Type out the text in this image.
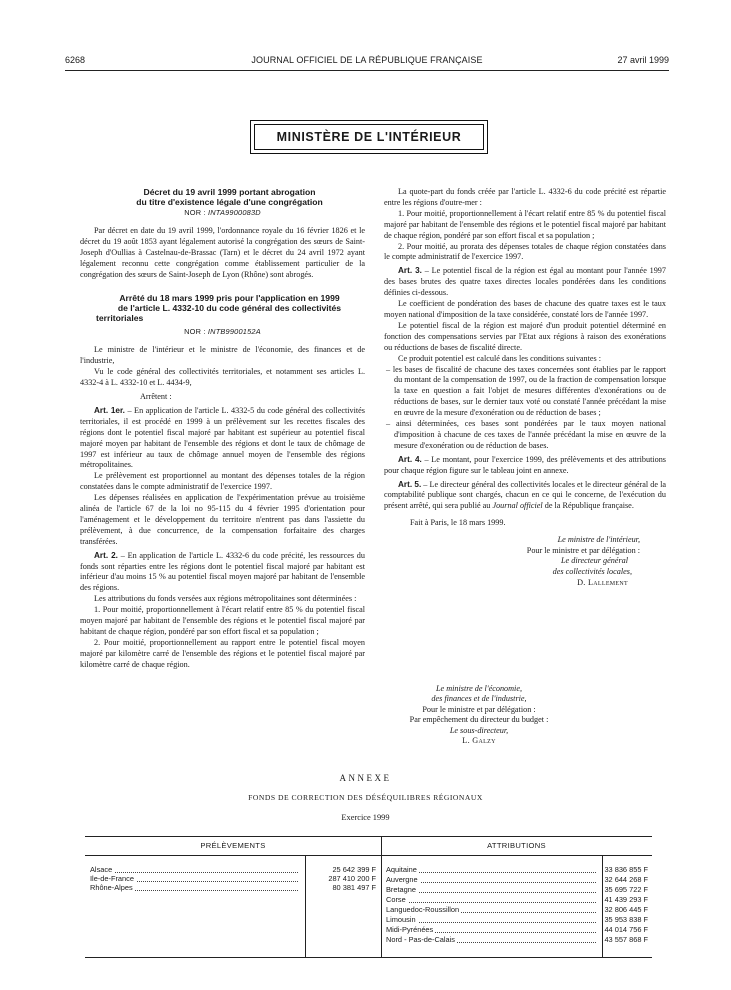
6268	JOURNAL OFFICIEL DE LA RÉPUBLIQUE FRANÇAISE	27 avril 1999
MINISTÈRE DE L'INTÉRIEUR

Décret du 19 avril 1999 portant abrogation

du titre d'existence légale d'une congrégation

NOR : INTA9900083D

Par décret en date du 19 avril 1999, l'ordonnance royale du 16 février 1826 et le décret du 19 août 1853 ayant légalement autorisé la congrégation des sœurs de Saint-Joseph d'Oullias à Castelnau-de-Brassac (Tarn) et le décret du 24 avril 1972 ayant légalement reconnu cette congrégation comme établissement particulier de la congrégation des sœurs de Saint-Joseph de Lyon (Rhône) sont abrogés.

Arrêté du 18 mars 1999 pris pour l'application en 1999

de l'article L. 4332-10 du code général des collectivités

territoriales

NOR : INTB9900152A

Le ministre de l'intérieur et le ministre de l'économie, des finances et de l'industrie,

Vu le code général des collectivités territoriales, et notamment ses articles L. 4332-4 à L. 4332-10 et L. 4434-9,

Arrêtent :

Art. 1er. – En application de l'article L. 4332-5 du code général des collectivités territoriales, il est procédé en 1999 à un prélèvement sur les recettes fiscales des régions dont le potentiel fiscal majoré par habitant est supérieur au potentiel fiscal majoré moyen par habitant de l'ensemble des régions et dont le taux de chômage de 1997 est inférieur au taux de chômage annuel moyen de l'ensemble des régions métropolitaines.

Le prélèvement est proportionnel au montant des dépenses totales de la région constatées dans le compte administratif de l'exercice 1997.

Les dépenses réalisées en application de l'expérimentation prévue au troisième alinéa de l'article 67 de la loi no 95-115 du 4 février 1995 d'orientation pour l'aménagement et le développement du territoire n'entrent pas dans l'assiette du prélèvement, à due concurrence, de la compensation forfaitaire des charges transférées.

Art. 2. – En application de l'article L. 4332-6 du code précité, les ressources du fonds sont réparties entre les régions dont le potentiel fiscal majoré par habitant est inférieur d'au moins 15 % au potentiel fiscal moyen majoré par habitant de l'ensemble des régions.

Les attributions du fonds versées aux régions métropolitaines sont déterminées :

1. Pour moitié, proportionnellement à l'écart relatif entre 85 % du potentiel fiscal moyen majoré par habitant de l'ensemble des régions et le potentiel fiscal majoré par habitant de chaque région, pondéré par son effort fiscal et sa population ;

2. Pour moitié, proportionnellement au rapport entre le potentiel fiscal moyen majoré par kilomètre carré de l'ensemble des régions et le potentiel fiscal majoré par kilomètre carré de chaque région.

La quote-part du fonds créée par l'article L. 4332-6 du code précité est répartie entre les régions d'outre-mer :

1. Pour moitié, proportionnellement à l'écart relatif entre 85 % du potentiel fiscal majoré par habitant de l'ensemble des régions et le potentiel fiscal majoré par habitant de chaque région, pondéré par son effort fiscal et sa population ;

2. Pour moitié, au prorata des dépenses totales de chaque région constatées dans le compte administratif de l'exercice 1997.

Art. 3. – Le potentiel fiscal de la région est égal au montant pour l'année 1997 des bases brutes des quatre taxes directes locales pondérées dans les conditions définies ci-dessous.

Le coefficient de pondération des bases de chacune des quatre taxes est le taux moyen national d'imposition de la taxe considérée, constaté lors de l'année 1997.

Le potentiel fiscal de la région est majoré d'un produit potentiel déterminé en fonction des compensations servies par l'Etat aux régions à raison des exonérations ou réductions de bases de fiscalité directe.

Ce produit potentiel est calculé dans les conditions suivantes :

– les bases de fiscalité de chacune des taxes concernées sont établies par le rapport du montant de la compensation de 1997, ou de la fraction de compensation lorsque la taxe en question a fait l'objet de mesures différentes d'exonérations ou de réductions de bases, sur le dernier taux voté ou constaté l'année précédant la mise en œuvre de la mesure d'exonération ou de réduction de bases ;

– ainsi déterminées, ces bases sont pondérées par le taux moyen national d'imposition à chacune de ces taxes de l'année précédant la mise en œuvre de la mesure d'exonération ou de réduction de bases.

Art. 4. – Le montant, pour l'exercice 1999, des prélèvements et des attributions pour chaque région figure sur le tableau joint en annexe.

Art. 5. – Le directeur général des collectivités locales et le directeur général de la comptabilité publique sont chargés, chacun en ce qui le concerne, de l'exécution du présent arrêté, qui sera publié au Journal officiel de la République française.

Fait à Paris, le 18 mars 1999.

Le ministre de l'intérieur,
Pour le ministre et par délégation :
Le directeur général
des collectivités locales,
D. Lallement
Le ministre de l'économie,
des finances et de l'industrie,
Pour le ministre et par délégation :
Par empêchement du directeur du budget :
Le sous-directeur,
L. Galzy
ANNEXE
FONDS DE CORRECTION DES DÉSÉQUILIBRES RÉGIONAUX
Exercice 1999
PRÉLÈVEMENTS	ATTRIBUTIONS
Alsace	25 642 399 F
Ile-de-France	287 410 200 F
Rhône-Alpes	80 381 497 F
Aquitaine	33 836 855 F
Auvergne	32 644 268 F
Bretagne	35 695 722 F
Corse	41 439 293 F
Languedoc-Roussillon	32 806 445 F
Limousin	35 953 838 F
Midi-Pyrénées	44 014 756 F
Nord - Pas-de-Calais	43 557 868 F
